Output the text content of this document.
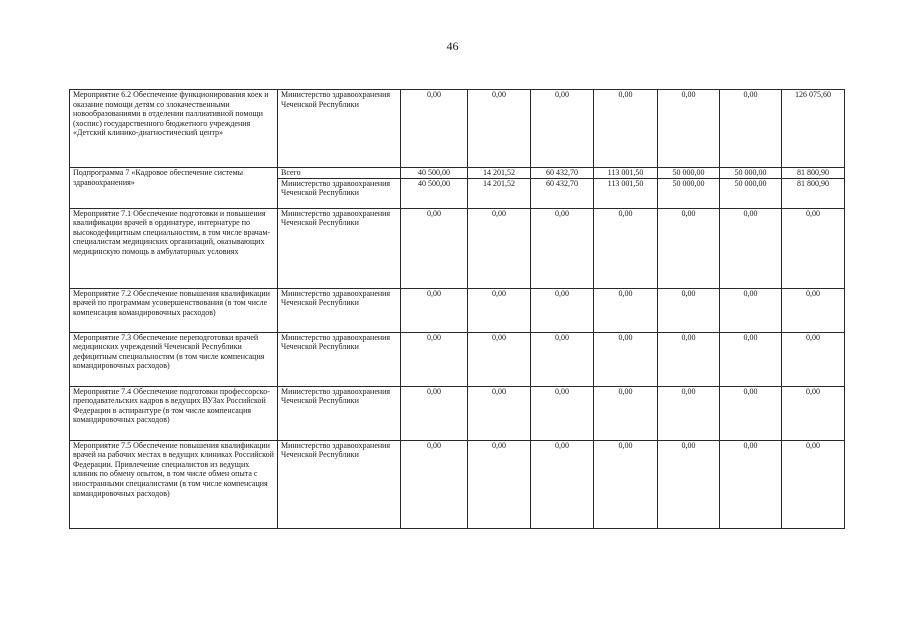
46
Мероприятие 6.2 Обеспечение функционирования коек и оказание помощи детям со злокачественными новообразованиями в отделении паллиативной помощи (хоспис) государственного бюджетного учреждения «Детский клинико-диагностический центр»	Министерство здравоохранения Чеченской Республики	0,00	0,00	0,00	0,00	0,00	0,00	126 075,60
Подпрограмма 7 «Кадровое обеспечение системы здравоохранения»	Всего	40 500,00	14 201,52	60 432,70	113 001,50	50 000,00	50 000,00	81 800,90
	Министерство здравоохранения Чеченской Республики	40 500,00	14 201,52	60 432,70	113 001,50	50 000,00	50 000,00	81 800,90
Мероприятие 7.1 Обеспечение подготовки и повышения квалификации врачей в ординатуре, интернатуре по высокодефицитным специальностям, в том числе врачам-специалистам медицинских организаций, оказывающих медицинскую помощь в амбулаторных условиях	Министерство здравоохранения Чеченской Республики	0,00	0,00	0,00	0,00	0,00	0,00	0,00
Мероприятие 7.2 Обеспечение повышения квалификации врачей по программам усовершенствования (в том числе компенсация командировочных расходов)	Министерство здравоохранения Чеченской Республики	0,00	0,00	0,00	0,00	0,00	0,00	0,00
Мероприятие 7.3 Обеспечение переподготовки врачей медицинских учреждений Чеченской Республики дефицитным специальностям (в том числе компенсация командировочных расходов)	Министерство здравоохранения Чеченской Республики	0,00	0,00	0,00	0,00	0,00	0,00	0,00
Мероприятие 7.4 Обеспечение подготовки профессорско-преподавательских кадров в ведущих ВУЗах Российской Федерации в аспирантуре (в том числе компенсация командировочных расходов)	Министерство здравоохранения Чеченской Республики	0,00	0,00	0,00	0,00	0,00	0,00	0,00
Мероприятие 7.5 Обеспечение повышения квалификации врачей на рабочих местах в ведущих клиниках Российской Федерации. Привлечение специалистов из ведущих клиник по обмену опытом, в том числе обмен опыта с иностранными специалистами (в том числе компенсация командировочных расходов)	Министерство здравоохранения Чеченской Республики	0,00	0,00	0,00	0,00	0,00	0,00	0,00
